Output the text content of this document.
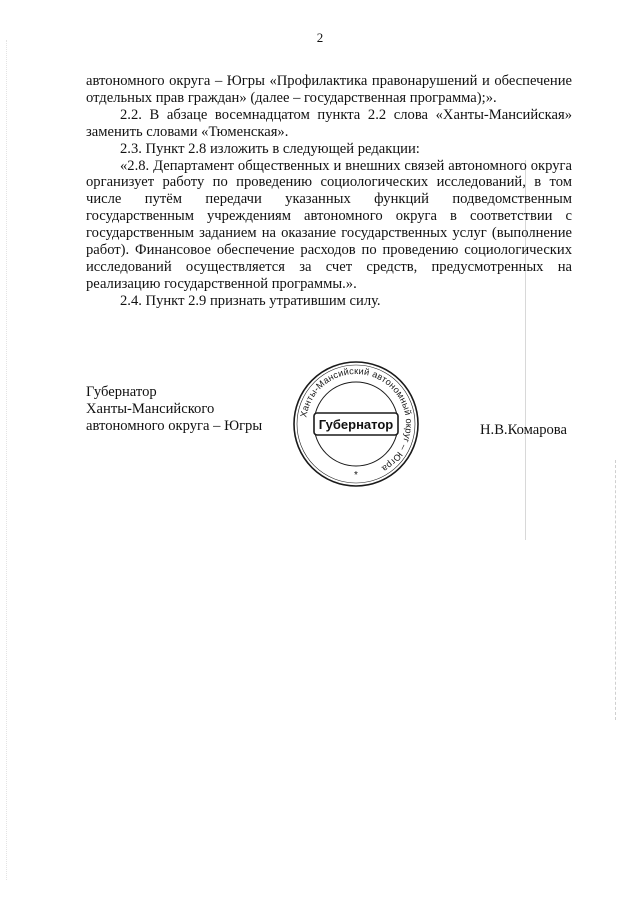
2

автономного округа – Югры «Профилактика правонарушений и обеспечение отдельных прав граждан» (далее – государственная программа);».

2.2. В абзаце восемнадцатом пункта 2.2 слова «Ханты-Мансийская» заменить словами «Тюменская».

2.3. Пункт 2.8 изложить в следующей редакции:

«2.8. Департамент общественных и внешних связей автономного округа организует работу по проведению социологических исследований, в том числе путём передачи указанных функций подведомственным государственным учреждениям автономного округа в соответствии с государственным заданием на оказание государственных услуг (выполнение работ). Финансовое обеспечение расходов по проведению социологических исследований осуществляется за счет средств, предусмотренных на реализацию государственной программы.».

2.4. Пункт 2.9 признать утратившим силу.

Губернатор
Ханты-Мансийского
автономного округа – Югры
Ханты-Мансийский автономный округ – Югра
Губернатор
*
Н.В.Комарова
